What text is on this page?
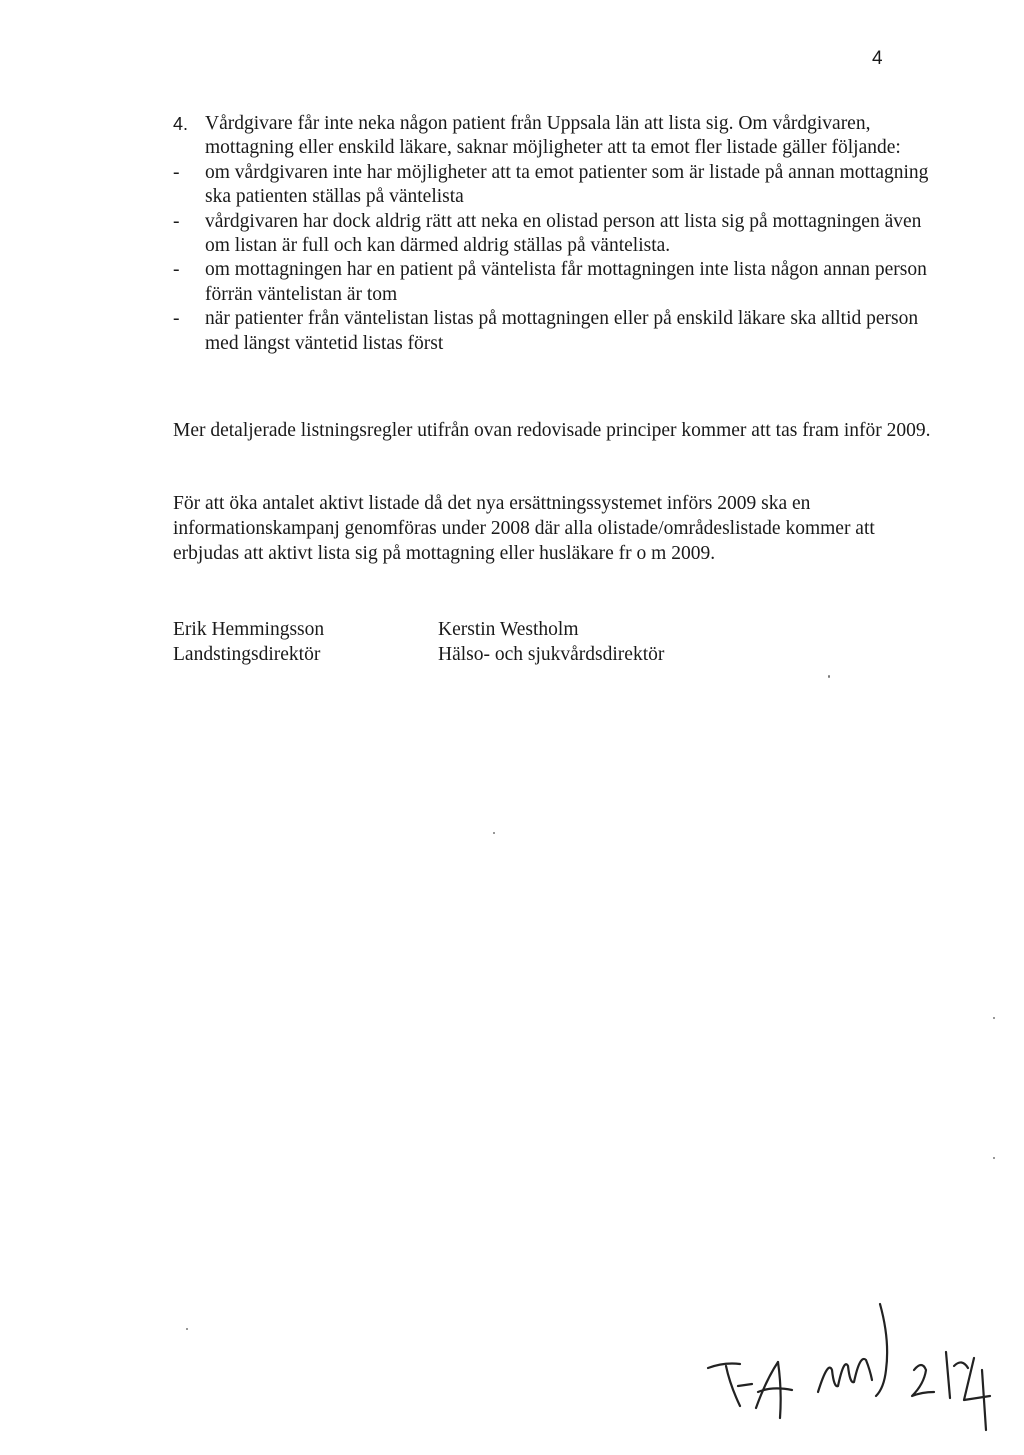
4
4. Vårdgivare får inte neka någon patient från Uppsala län att lista sig. Om vårdgivaren, mottagning eller enskild läkare, saknar möjligheter att ta emot fler listade gäller följande:
- om vårdgivaren inte har möjligheter att ta emot patienter som är listade på annan mottagning ska patienten ställas på väntelista
- vårdgivaren har dock aldrig rätt att neka en olistad person att lista sig på mottagningen även om listan är full och kan därmed aldrig ställas på väntelista.
- om mottagningen har en patient på väntelista får mottagningen inte lista någon annan person förrän väntelistan är tom
- när patienter från väntelistan listas på mottagningen eller på enskild läkare ska alltid person med längst väntetid listas först
Mer detaljerade listningsregler utifrån ovan redovisade principer kommer att tas fram inför 2009.
För att öka antalet aktivt listade då det nya ersättningssystemet införs 2009 ska en informationskampanj genomföras under 2008 där alla olistade/områdeslistade kommer att erbjudas att aktivt lista sig på mottagning eller husläkare fr o m 2009.
Erik Hemmingsson
Landstingsdirektör
Kerstin Westholm
Hälso- och sjukvårdsdirektör
